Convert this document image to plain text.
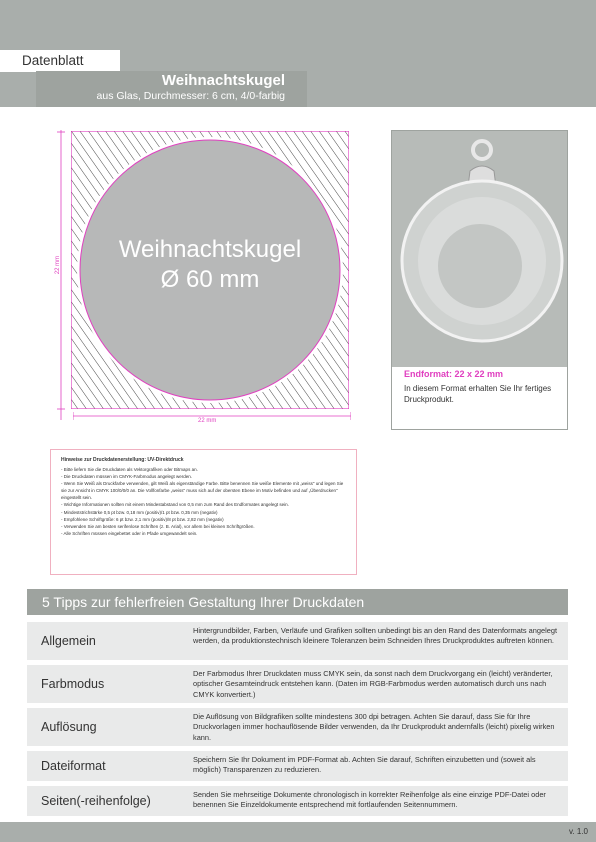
Datenblatt
Weihnachtskugel
aus Glas, Durchmesser: 6 cm, 4/0-farbig
22 mm
22 mm
Weihnachtskugel
Ø 60 mm
Endformat: 22 x 22 mm
In diesem Format erhalten Sie Ihr fertiges Druckprodukt.
Hinweise zur Druckdatenerstellung: UV-Direktdruck
- Bitte liefern Sie die Druckdaten als Vektorgrafiken oder Bitmaps an.
- Die Druckdaten müssen im CMYK-Farbmodus angelegt werden.
- Wenn Sie Weiß als Druckfarbe verwenden, gilt Weiß als eigenständige Farbe. Bitte benennen Sie weiße Elemente mit „weiss" und legen Sie sie zur Ansicht in CMYK 100/0/0/0 an. Die Vollfonfarbe „weiss" muss sich auf der obersten Ebene im Motiv befinden und auf „Überdrucken" eingestellt sein.
- Wichtige Informationen sollten mit einem Mindestabstand von 0,5 mm zum Rand des Endformates angelegt sein.
- Mindeststrichstärke 0,5 pt bzw. 0,18 mm (positiv)/1 pt bzw. 0,35 mm (negativ)
- Empfohlene Schriftgröße: 6 pt bzw. 2,1 mm (positiv)/8 pt bzw. 2,82 mm (negativ)
- Verwenden Sie am besten serifenlose Schriften (z. B. Arial), vor allem bei kleinen Schriftgrößen.
- Alle Schriften müssen eingebettet oder in Pfade umgewandelt sein.
5 Tipps zur fehlerfreien Gestaltung Ihrer Druckdaten
Allgemein
Hintergrundbilder, Farben, Verläufe und Grafiken sollten unbedingt bis an den Rand des Datenformats angelegt werden, da produktionstechnisch kleinere Toleranzen beim Schneiden Ihres Druckproduktes auftreten können.
Farbmodus
Der Farbmodus Ihrer Druckdaten muss CMYK sein, da sonst nach dem Druckvorgang ein (leicht) veränderter, optischer Gesamteindruck entstehen kann. (Daten im RGB-Farbmodus werden automatisch durch uns nach CMYK konvertiert.)
Auflösung
Die Auflösung von Bildgrafiken sollte mindestens 300 dpi betragen. Achten Sie darauf, dass Sie für Ihre Druckvorlagen immer hochauflösende Bilder verwenden, da Ihr Druckprodukt andernfalls (leicht) pixelig wirken kann.
Dateiformat	Speichern Sie Ihr Dokument im PDF-Format ab. Achten Sie darauf, Schriften einzubetten und (soweit als möglich) Transparenzen zu reduzieren.
Seiten(-reihenfolge)	Senden Sie mehrseitige Dokumente chronologisch in korrekter Reihenfolge als eine einzige PDF-Datei oder benennen Sie Einzeldokumente entsprechend mit fortlaufenden Seitennummern.
v. 1.0
